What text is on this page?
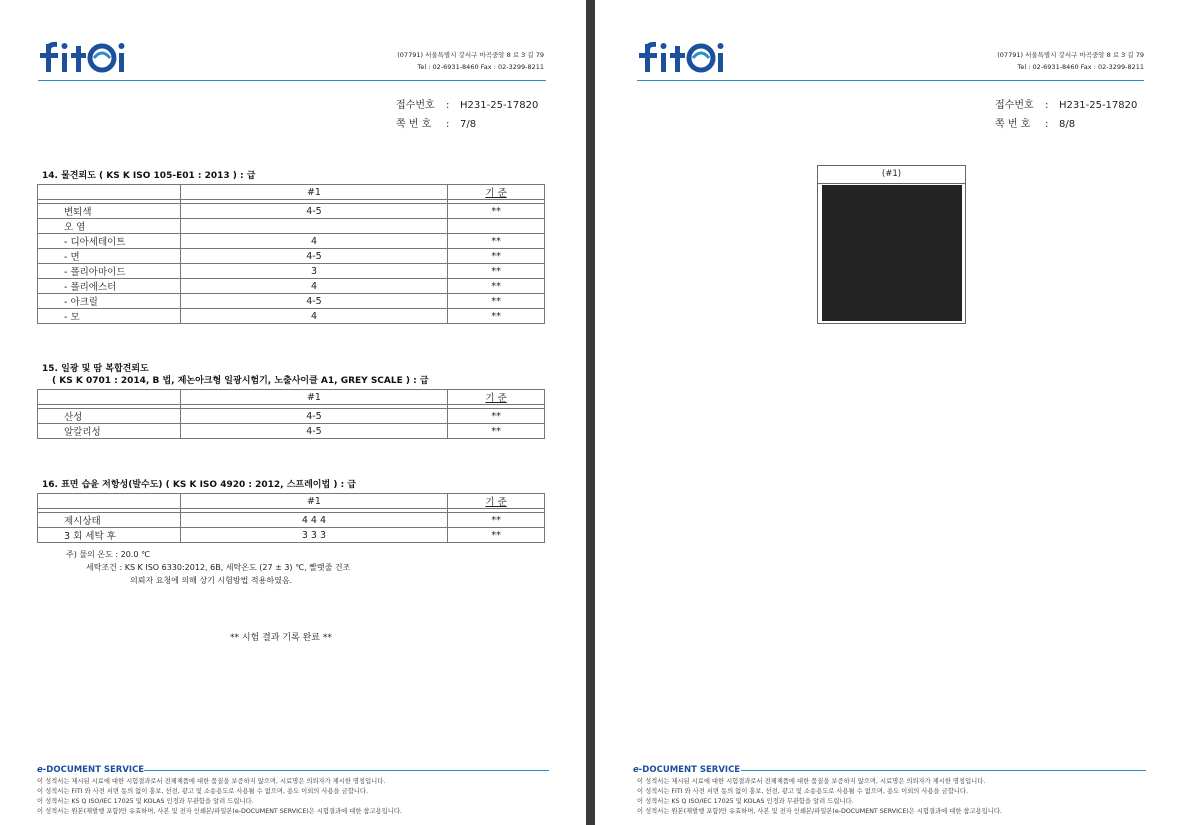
(07791) 서울특별시 강서구 마곡중앙 8 로 3 길 79
Tel : 02-6931-8460 Fax : 02-3299-8211
접수번호 : H231-25-17820
쪽 번 호 : 7/8
14. 물견뢰도 ( KS K ISO 105-E01 : 2013 ) : 급
	#1	기 준

변퇴색	4-5	**
오 염		
- 디아세테이트	4	**
- 면	4-5	**
- 폴리아마이드	3	**
- 폴리에스터	4	**
- 아크릴	4-5	**
- 모	4	**
15. 일광 및 땀 복합견뢰도
( KS K 0701 : 2014, B 법, 제논아크형 일광시험기, 노출사이클 A1, GREY SCALE ) : 급
	#1	기 준

산성	4-5	**
알칼리성	4-5	**
16. 표면 습윤 저항성(발수도) ( KS K ISO 4920 : 2012, 스프레이법 ) : 급
	#1	기 준

제시상태	4 4 4	**
3 회 세탁 후	3 3 3	**
주) 물의 온도 : 20.0 ℃
세탁조건 : KS K ISO 6330:2012, 6B, 세탁온도 (27 ± 3) ℃, 빨랫줄 건조
의뢰자 요청에 의해 상기 시험방법 적용하였음.
** 시험 결과 기록 완료 **
e-DOCUMENT SERVICE
이 성적서는 제시된 시료에 대한 시험결과로서 전체제품에 대한 품질을 보증하지 않으며, 시료명은 의뢰자가 제시한 명칭입니다.
이 성적서는 FITI 와 사전 서면 동의 없이 홍보, 선전, 광고 및 소송용도로 사용될 수 없으며, 용도 이외의 사용을 금합니다.
이 성적서는 KS Q ISO/IEC 17025 및 KOLAS 인정과 무관함을 알려 드립니다.
이 성적서는 원본(재발행 포함)만 유효하며, 사본 및 전자 인쇄본/파일본(e-DOCUMENT SERVICE)은 시험결과에 대한 참고용입니다.
(07791) 서울특별시 강서구 마곡중앙 8 로 3 길 79
Tel : 02-6931-8460 Fax : 02-3299-8211
접수번호 : H231-25-17820
쪽 번 호 : 8/8
(#1)
e-DOCUMENT SERVICE
이 성적서는 제시된 시료에 대한 시험결과로서 전체제품에 대한 품질을 보증하지 않으며, 시료명은 의뢰자가 제시한 명칭입니다.
이 성적서는 FITI 와 사전 서면 동의 없이 홍보, 선전, 광고 및 소송용도로 사용될 수 없으며, 용도 이외의 사용을 금합니다.
이 성적서는 KS Q ISO/IEC 17025 및 KOLAS 인정과 무관함을 알려 드립니다.
이 성적서는 원본(재발행 포함)만 유효하며, 사본 및 전자 인쇄본/파일본(e-DOCUMENT SERVICE)은 시험결과에 대한 참고용입니다.
